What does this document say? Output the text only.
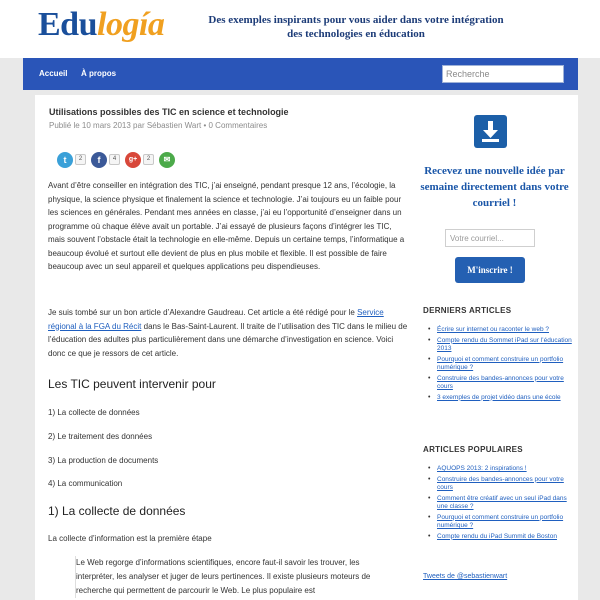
Edulogía	Des exemples inspirants pour vous aider dans votre intégration
des technologies en éducation
Accueil À propos
Recherche
Utilisations possibles des TIC en science et technologie
Publié le 10 mars 2013 par Sébastien Wart • 0 Commentaires
t	2	f	4	g+	2	✉
Avant d’être conseiller en intégration des TIC, j’ai enseigné, pendant presque 12 ans, l’écologie, la physique, la science physique et finalement la science et technologie. J’ai toujours eu un faible pour les sciences en générales. Pendant mes années en classe, j’ai eu l’opportunité d’enseigner dans un programme où chaque élève avait un portable. J’ai essayé de plusieurs façons d’intégrer les TIC, mais souvent l’obstacle était la technologie en elle-même. Depuis un certaine temps, l’informatique a beaucoup évolué et surtout elle devient de plus en plus mobile et flexible. Il est possible de faire beaucoup avec un seul appareil et quelques applications peu dispendieuses.
Je suis tombé sur un bon article d’Alexandre Gaudreau. Cet article a été rédigé pour le Service régional à la FGA du Récit dans le Bas-Saint-Laurent. Il traite de l’utilisation des TIC dans le milieu de l’éducation des adultes plus particulièrement dans une démarche d’investigation en science. Voici donc ce que je ressors de cet article.
Les TIC peuvent intervenir pour
1) La collecte de données
2) Le traitement des données
3) La production de documents
4) La communication
1) La collecte de données
La collecte d’information est la première étape
Le Web regorge d’informations scientifiques, encore faut-il savoir les trouver, les interpréter, les analyser et juger de leurs pertinences. Il existe plusieurs moteurs de recherche qui permettent de parcourir le Web. Le plus populaire est
Recevez une nouvelle idée par semaine directement dans votre courriel !
Votre courriel...
M'inscrire !
DERNIERS ARTICLES
• Écrire sur internet ou raconter le web ?
• Compte rendu du Sommet iPad sur l’éducation 2013
• Pourquoi et comment construire un portfolio numérique ?
• Construire des bandes-annonces pour votre cours
• 3 exemples de projet vidéo dans une école
ARTICLES POPULAIRES
• AQUOPS 2013: 2 inspirations !
• Construire des bandes-annonces pour votre cours
• Comment être créatif avec un seul iPad dans une classe ?
• Pourquoi et comment construire un portfolio numérique ?
• Compte rendu du iPad Summit de Boston
Tweets de @sebastienwart
